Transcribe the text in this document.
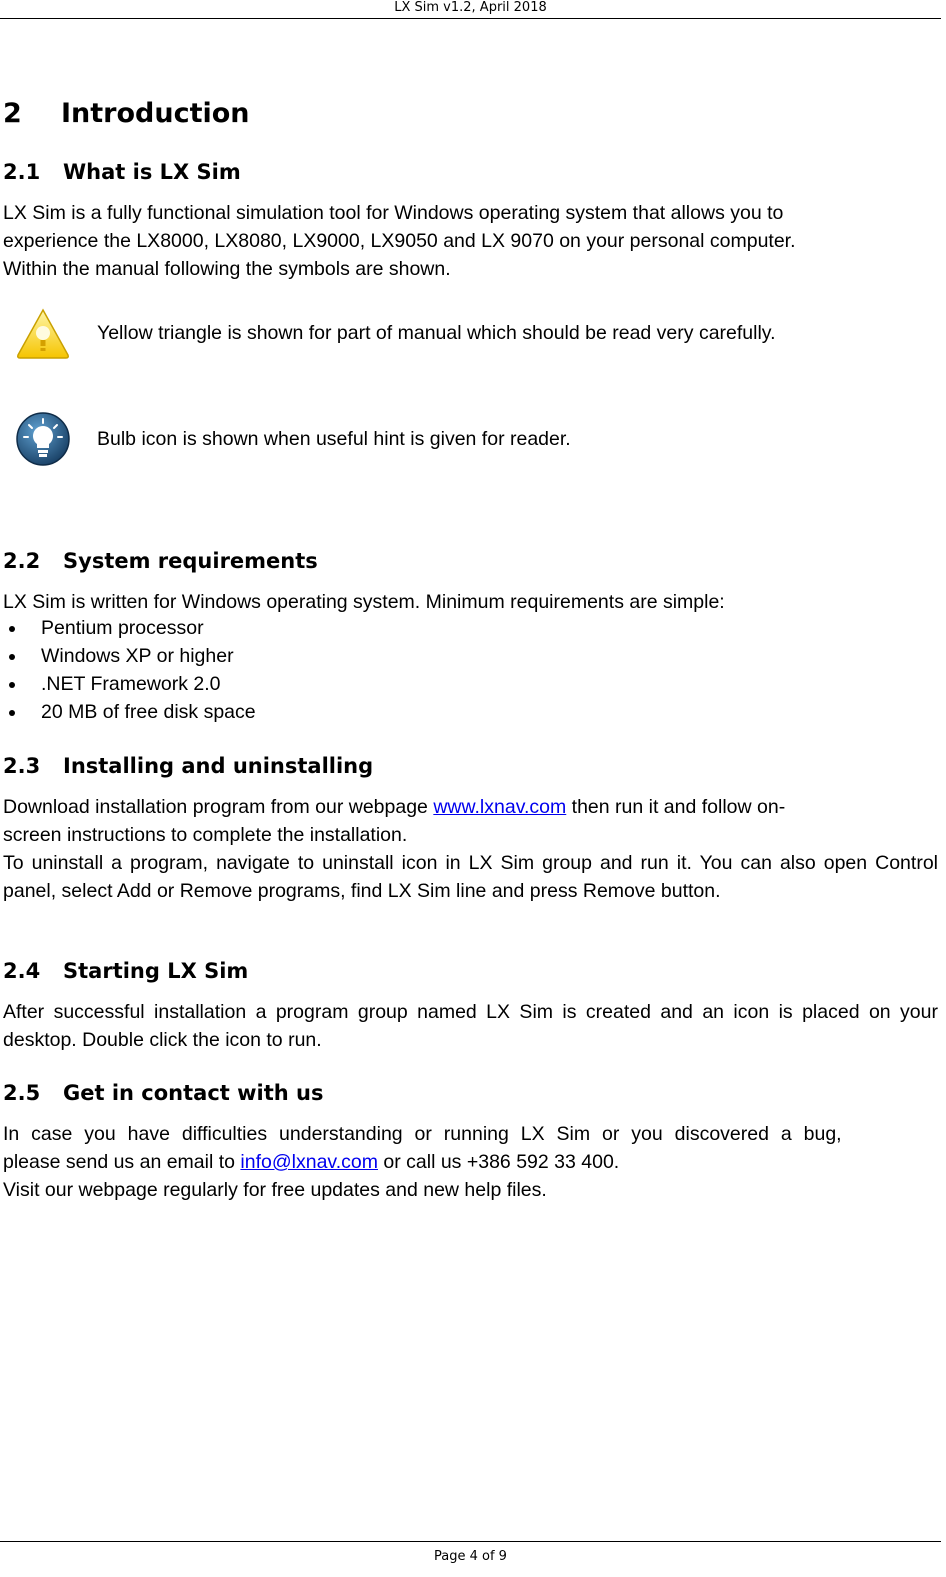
LX Sim v1.2, April 2018
2 Introduction
2.1 What is LX Sim

LX Sim is a fully functional simulation tool for Windows operating system that allows you to

experience the LX8000, LX8080, LX9000, LX9050 and LX 9070 on your personal computer.

Within the manual following the symbols are shown.

Yellow triangle is shown for part of manual which should be read very carefully.
Bulb icon is shown when useful hint is given for reader.
2.2 System requirements

LX Sim is written for Windows operating system. Minimum requirements are simple:

Pentium processor
Windows XP or higher
.NET Framework 2.0
20 MB of free disk space
2.3 Installing and uninstalling

Download installation program from our webpage www.lxnav.com then run it and follow on-

screen instructions to complete the installation.

To uninstall a program, navigate to uninstall icon in LX Sim group and run it. You can also open Control panel, select Add or Remove programs, find LX Sim line and press Remove button.

2.4 Starting LX Sim

After successful installation a program group named LX Sim is created and an icon is placed on your desktop. Double click the icon to run.

2.5 Get in contact with us

In case you have difficulties understanding or running LX Sim or you discovered a bug,

please send us an email to info@lxnav.com or call us +386 592 33 400.

Visit our webpage regularly for free updates and new help files.

Page 4 of 9
